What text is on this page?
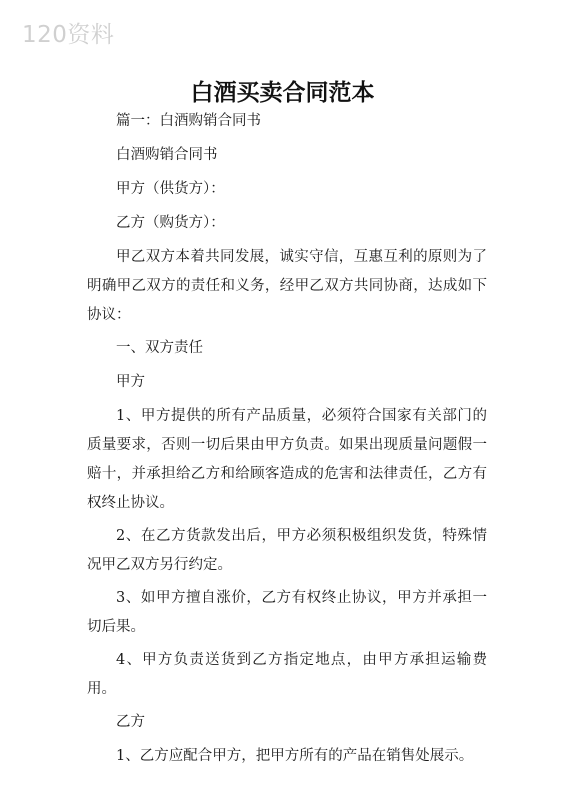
120资料
白酒买卖合同范本

篇一：白酒购销合同书

白酒购销合同书

甲方（供货方）：

乙方（购货方）：

甲乙双方本着共同发展，诚实守信，互惠互利的原则为了明确甲乙双方的责任和义务，经甲乙双方共同协商，达成如下协议：

一、双方责任

甲方

1、甲方提供的所有产品质量，必须符合国家有关部门的质量要求，否则一切后果由甲方负责。如果出现质量问题假一赔十，并承担给乙方和给顾客造成的危害和法律责任，乙方有权终止协议。

2、在乙方货款发出后，甲方必须积极组织发货，特殊情况甲乙双方另行约定。

3、如甲方擅自涨价，乙方有权终止协议，甲方并承担一切后果。

4、甲方负责送货到乙方指定地点，由甲方承担运输费用。

乙方

1、乙方应配合甲方，把甲方所有的产品在销售处展示。
